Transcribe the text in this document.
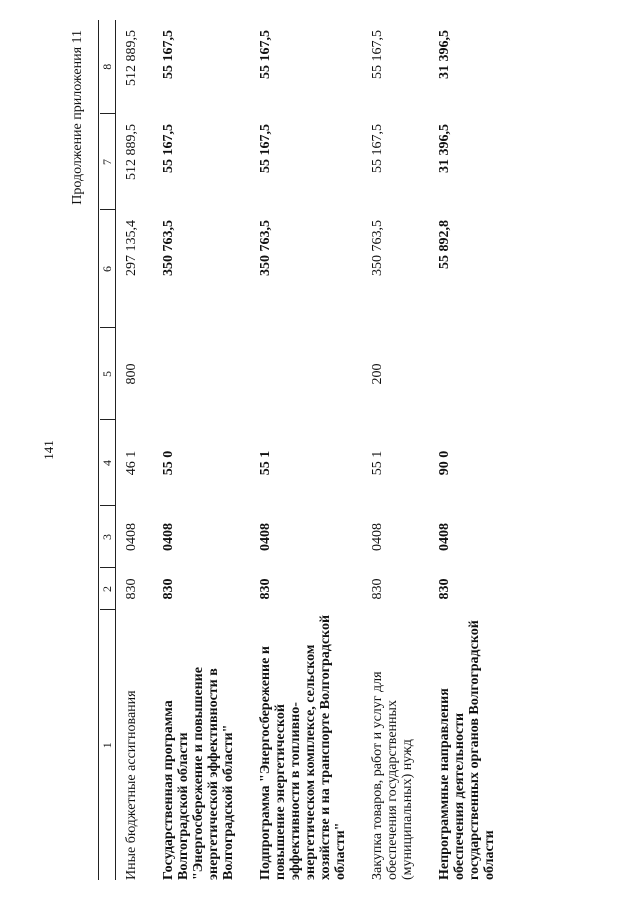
141
Продолжение приложения 11
1	2	3	4	5	6	7	8
Иные бюджетные ассигнования	830	0408	46 1	800	297 135,4	512 889,5	512 889,5
Государственная программа Волгоградской области "Энергосбережение и повышение энергетической эффективности в Волгоградской области"	830	0408	55 0		350 763,5	55 167,5	55 167,5
Подпрограмма "Энергосбережение и повышение энергетической эффективности в топливно-энергетическом комплексе, сельском хозяйстве и на транспорте Волгоградской области"	830	0408	55 1		350 763,5	55 167,5	55 167,5
Закупка товаров, работ и услуг для обеспечения государственных (муниципальных) нужд	830	0408	55 1	200	350 763,5	55 167,5	55 167,5
Непрограммные направления обеспечения деятельности государственных органов Волгоградской области	830	0408	90 0		55 892,8	31 396,5	31 396,5
